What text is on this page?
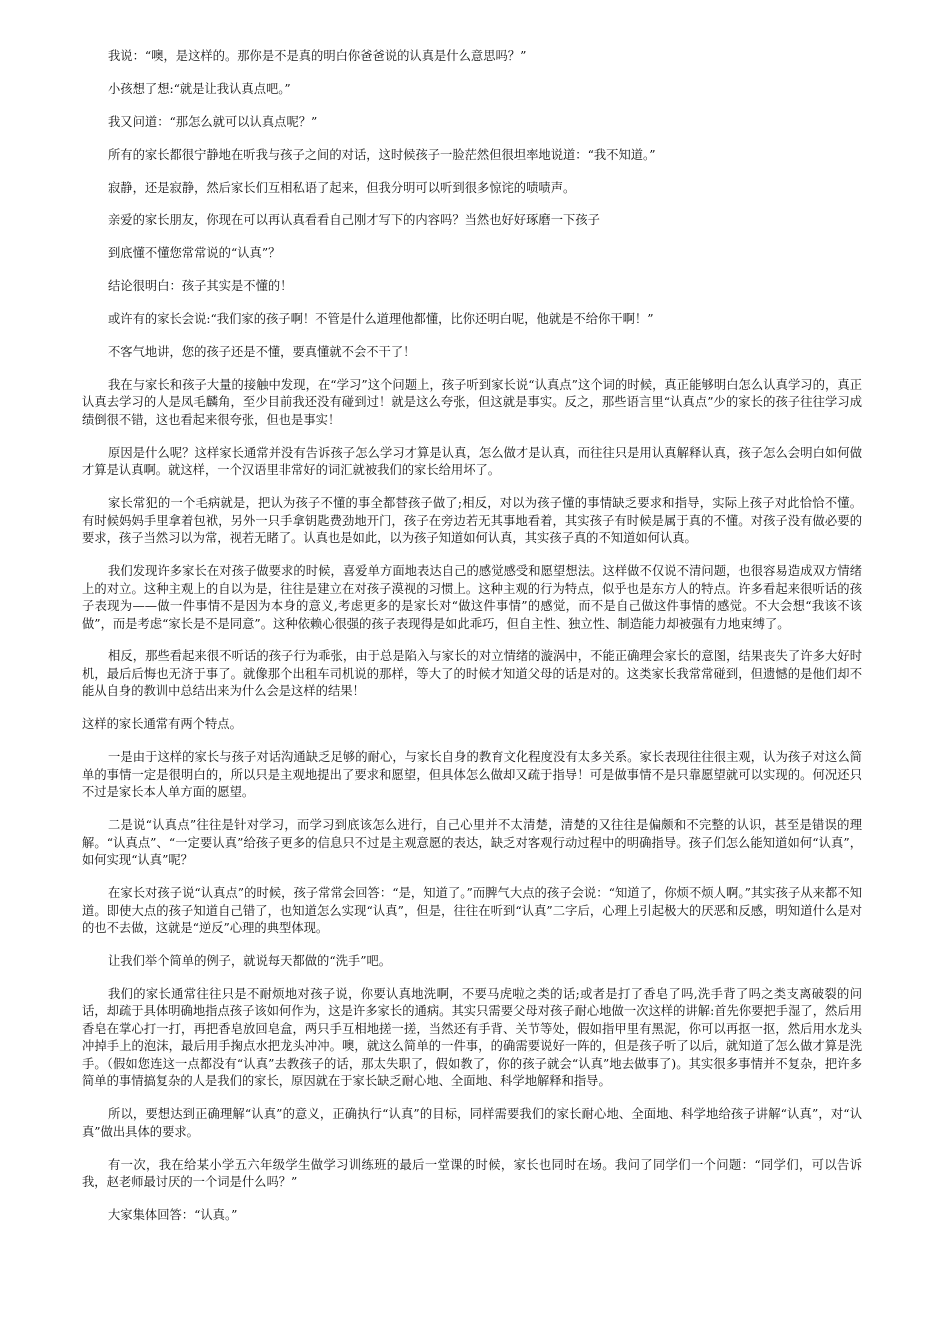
我说：“噢，是这样的。那你是不是真的明白你爸爸说的认真是什么意思吗？”

小孩想了想:“就是让我认真点吧。”

我又问道：“那怎么就可以认真点呢？”

所有的家长都很宁静地在听我与孩子之间的对话，这时候孩子一脸茫然但很坦率地说道：“我不知道。”

寂静，还是寂静，然后家长们互相私语了起来，但我分明可以听到很多惊诧的啧啧声。

亲爱的家长朋友，你现在可以再认真看看自己刚才写下的内容吗？当然也好好琢磨一下孩子

到底懂不懂您常常说的“认真”？

结论很明白：孩子其实是不懂的！

或许有的家长会说:“我们家的孩子啊！不管是什么道理他都懂，比你还明白呢，他就是不给你干啊！”

不客气地讲，您的孩子还是不懂，要真懂就不会不干了！

我在与家长和孩子大量的接触中发现，在“学习”这个问题上，孩子听到家长说“认真点”这个词的时候，真正能够明白怎么认真学习的，真正认真去学习的人是凤毛麟角，至少目前我还没有碰到过！就是这么夸张，但这就是事实。反之，那些语言里“认真点”少的家长的孩子往往学习成绩倒很不错，这也看起来很夸张，但也是事实！

原因是什么呢？这样家长通常并没有告诉孩子怎么学习才算是认真，怎么做才是认真，而往往只是用认真解释认真，孩子怎么会明白如何做才算是认真啊。就这样，一个汉语里非常好的词汇就被我们的家长给用坏了。

家长常犯的一个毛病就是，把认为孩子不懂的事全都替孩子做了;相反，对以为孩子懂的事情缺乏要求和指导，实际上孩子对此恰恰不懂。有时候妈妈手里拿着包袱，另外一只手拿钥匙费劲地开门，孩子在旁边若无其事地看着，其实孩子有时候是属于真的不懂。对孩子没有做必要的要求，孩子当然习以为常，视若无睹了。认真也是如此，以为孩子知道如何认真，其实孩子真的不知道如何认真。

我们发现许多家长在对孩子做要求的时候，喜爱单方面地表达自己的感觉感受和愿望想法。这样做不仅说不清问题，也很容易造成双方情绪上的对立。这种主观上的自以为是，往往是建立在对孩子漠视的习惯上。这种主观的行为特点，似乎也是东方人的特点。许多看起来很听话的孩子表现为——做一件事情不是因为本身的意义,考虑更多的是家长对“做这件事情”的感觉，而不是自己做这件事情的感觉。不大会想“我该不该做”，而是考虑“家长是不是同意”。这种依赖心很强的孩子表现得是如此乖巧，但自主性、独立性、制造能力却被强有力地束缚了。

相反，那些看起来很不听话的孩子行为乖张，由于总是陷入与家长的对立情绪的漩涡中，不能正确理会家长的意图，结果丧失了许多大好时机，最后后悔也无济于事了。就像那个出租车司机说的那样，等大了的时候才知道父母的话是对的。这类家长我常常碰到，但遗憾的是他们却不能从自身的教训中总结出来为什么会是这样的结果！

这样的家长通常有两个特点。

一是由于这样的家长与孩子对话沟通缺乏足够的耐心，与家长自身的教育文化程度没有太多关系。家长表现往往很主观，认为孩子对这么简单的事情一定是很明白的，所以只是主观地提出了要求和愿望，但具体怎么做却又疏于指导！可是做事情不是只靠愿望就可以实现的。何况还只不过是家长本人单方面的愿望。

二是说“认真点”往往是针对学习，而学习到底该怎么进行，自己心里并不太清楚，清楚的又往往是偏颇和不完整的认识，甚至是错误的理解。“认真点”、“一定要认真”给孩子更多的信息只不过是主观意愿的表达，缺乏对客观行动过程中的明确指导。孩子们怎么能知道如何“认真”，如何实现“认真”呢？

在家长对孩子说“认真点”的时候，孩子常常会回答：“是，知道了。”而脾气大点的孩子会说：“知道了，你烦不烦人啊。”其实孩子从来都不知道。即使大点的孩子知道自己错了，也知道怎么实现“认真”，但是，往往在听到“认真”二字后，心理上引起极大的厌恶和反感，明知道什么是对的也不去做，这就是“逆反”心理的典型体现。

让我们举个简单的例子，就说每天都做的“洗手”吧。

我们的家长通常往往只是不耐烦地对孩子说，你要认真地洗啊，不要马虎啦之类的话;或者是打了香皂了吗,洗手背了吗之类支离破裂的问话，却疏于具体明确地指点孩子该如何作为，这是许多家长的通病。其实只需要父母对孩子耐心地做一次这样的讲解:首先你要把手湿了，然后用香皂在掌心打一打，再把香皂放回皂盒，两只手互相地搓一搓，当然还有手背、关节等处，假如指甲里有黑泥，你可以再抠一抠，然后用水龙头冲掉手上的泡沫，最后用手掬点水把龙头冲冲。噢，就这么简单的一件事，的确需要说好一阵的，但是孩子听了以后，就知道了怎么做才算是洗手。（假如您连这一点都没有“认真”去教孩子的话，那太失职了，假如教了，你的孩子就会“认真”地去做事了)。其实很多事情并不复杂，把许多简单的事情搞复杂的人是我们的家长，原因就在于家长缺乏耐心地、全面地、科学地解释和指导。

所以，要想达到正确理解“认真”的意义，正确执行“认真”的目标，同样需要我们的家长耐心地、全面地、科学地给孩子讲解“认真”，对“认真”做出具体的要求。

有一次，我在给某小学五六年级学生做学习训练班的最后一堂课的时候，家长也同时在场。我问了同学们一个问题：“同学们，可以告诉我，赵老师最讨厌的一个词是什么吗？”

大家集体回答：“认真。”
